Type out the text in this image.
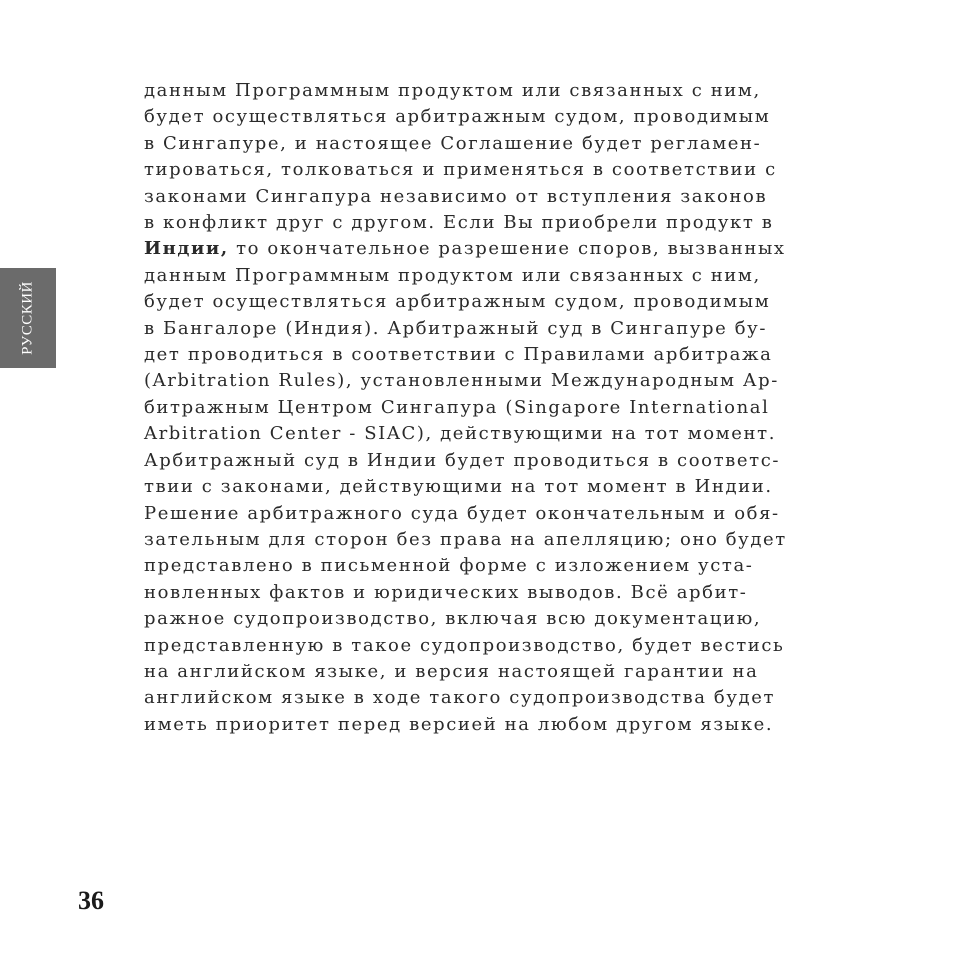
РУССКИЙ
данным Программным продуктом или связанных с ним,
будет осуществляться арбитражным судом, проводимым
в Сингапуре, и настоящее Соглашение будет регламен-
тироваться, толковаться и применяться в соответствии с
законами Сингапура независимо от вступления законов
в конфликт друг с другом. Если Вы приобрели продукт в
Индии, то окончательное разрешение споров, вызванных
данным Программным продуктом или связанных с ним,
будет осуществляться арбитражным судом, проводимым
в Бангалоре (Индия). Арбитражный суд в Сингапуре бу-
дет проводиться в соответствии с Правилами арбитража
(Arbitration Rules), установленными Международным Ар-
битражным Центром Сингапура (Singapore International
Arbitration Center - SIAC), действующими на тот момент.
Арбитражный суд в Индии будет проводиться в соответс-
твии с законами, действующими на тот момент в Индии.
Решение арбитражного суда будет окончательным и обя-
зательным для сторон без права на апелляцию; оно будет
представлено в письменной форме с изложением уста-
новленных фактов и юридических выводов. Всё арбит-
ражное судопроизводство, включая всю документацию,
представленную в такое судопроизводство, будет вестись
на английском языке, и версия настоящей гарантии на
английском языке в ходе такого судопроизводства будет
иметь приоритет перед версией на любом другом языке.
36
